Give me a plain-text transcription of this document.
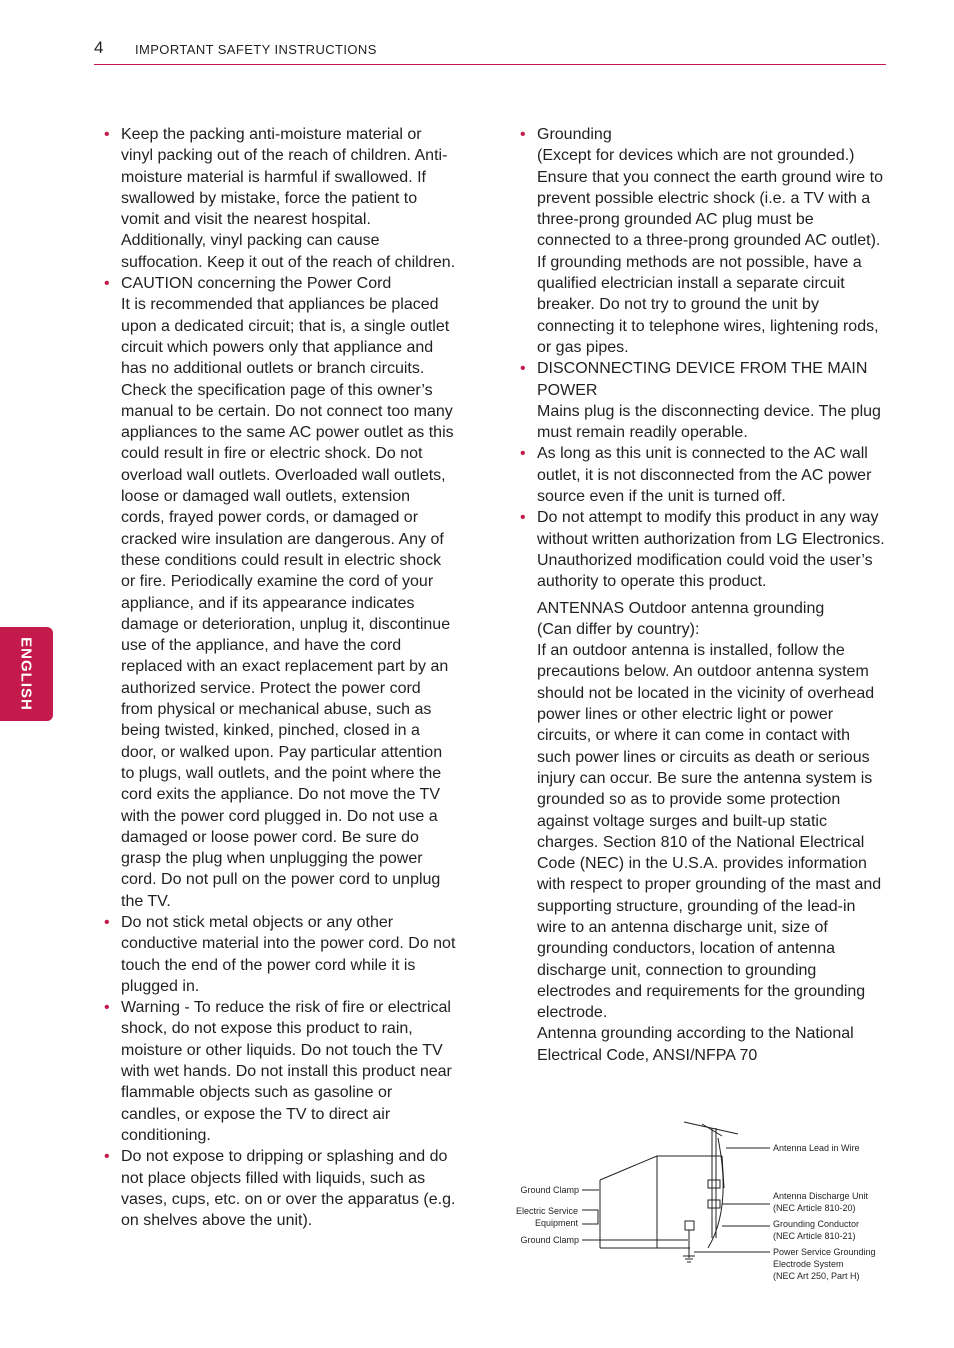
4 IMPORTANT SAFETY INSTRUCTIONS
ENGLISH
• Keep the packing anti-moisture material or vinyl packing out of the reach of children. Anti-moisture material is harmful if swallowed. If swallowed by mistake, force the patient to vomit and visit the nearest hospital. Additionally, vinyl packing can cause suffocation. Keep it out of the reach of children.
• CAUTION concerning the Power Cord
It is recommended that appliances be placed upon a dedicated circuit; that is, a single outlet circuit which powers only that appliance and has no additional outlets or branch circuits. Check the specification page of this owner’s manual to be certain. Do not connect too many appliances to the same AC power outlet as this could result in fire or electric shock. Do not overload wall outlets. Overloaded wall outlets, loose or damaged wall outlets, extension cords, frayed power cords, or damaged or cracked wire insulation are dangerous. Any of these conditions could result in electric shock or fire. Periodically examine the cord of your appliance, and if its appearance indicates damage or deterioration, unplug it, discontinue use of the appliance, and have the cord replaced with an exact replacement part by an authorized service. Protect the power cord from physical or mechanical abuse, such as being twisted, kinked, pinched, closed in a door, or walked upon. Pay particular attention to plugs, wall outlets, and the point where the cord exits the appliance. Do not move the TV with the power cord plugged in. Do not use a damaged or loose power cord. Be sure do grasp the plug when unplugging the power cord. Do not pull on the power cord to unplug the TV.
• Do not stick metal objects or any other conductive material into the power cord. Do not touch the end of the power cord while it is plugged in.
• Warning - To reduce the risk of fire or electrical shock, do not expose this product to rain, moisture or other liquids. Do not touch the TV with wet hands. Do not install this product near flammable objects such as gasoline or candles, or expose the TV to direct air conditioning.
• Do not expose to dripping or splashing and do not place objects filled with liquids, such as vases, cups, etc. on or over the apparatus (e.g. on shelves above the unit).
• Grounding
(Except for devices which are not grounded.) Ensure that you connect the earth ground wire to prevent possible electric shock (i.e. a TV with a three-prong grounded AC plug must be connected to a three-prong grounded AC outlet). If grounding methods are not possible, have a qualified electrician install a separate circuit breaker. Do not try to ground the unit by connecting it to telephone wires, lightening rods, or gas pipes.
• DISCONNECTING DEVICE FROM THE MAIN POWER
Mains plug is the disconnecting device. The plug must remain readily operable.
• As long as this unit is connected to the AC wall outlet, it is not disconnected from the AC power source even if the unit is turned off.
• Do not attempt to modify this product in any way without written authorization from LG Electronics. Unauthorized modification could void the user’s authority to operate this product.
ANTENNAS Outdoor antenna grounding
(Can differ by country):
If an outdoor antenna is installed, follow the precautions below. An outdoor antenna system should not be located in the vicinity of overhead power lines or other electric light or power circuits, or where it can come in contact with such power lines or circuits as death or serious injury can occur. Be sure the antenna system is grounded so as to provide some protection against voltage surges and built-up static charges. Section 810 of the National Electrical Code (NEC) in the U.S.A. provides information with respect to proper grounding of the mast and supporting structure, grounding of the lead-in wire to an antenna discharge unit, size of grounding conductors, location of antenna discharge unit, connection to grounding electrodes and requirements for the grounding electrode.
Antenna grounding according to the National Electrical Code, ANSI/NFPA 70
Antenna Lead in Wire
Ground Clamp
Electric Service
Equipment
Ground Clamp
Antenna Discharge Unit
(NEC Article 810-20)
Grounding Conductor
(NEC Article 810-21)
Power Service Grounding
Electrode System
(NEC Art 250, Part H)
